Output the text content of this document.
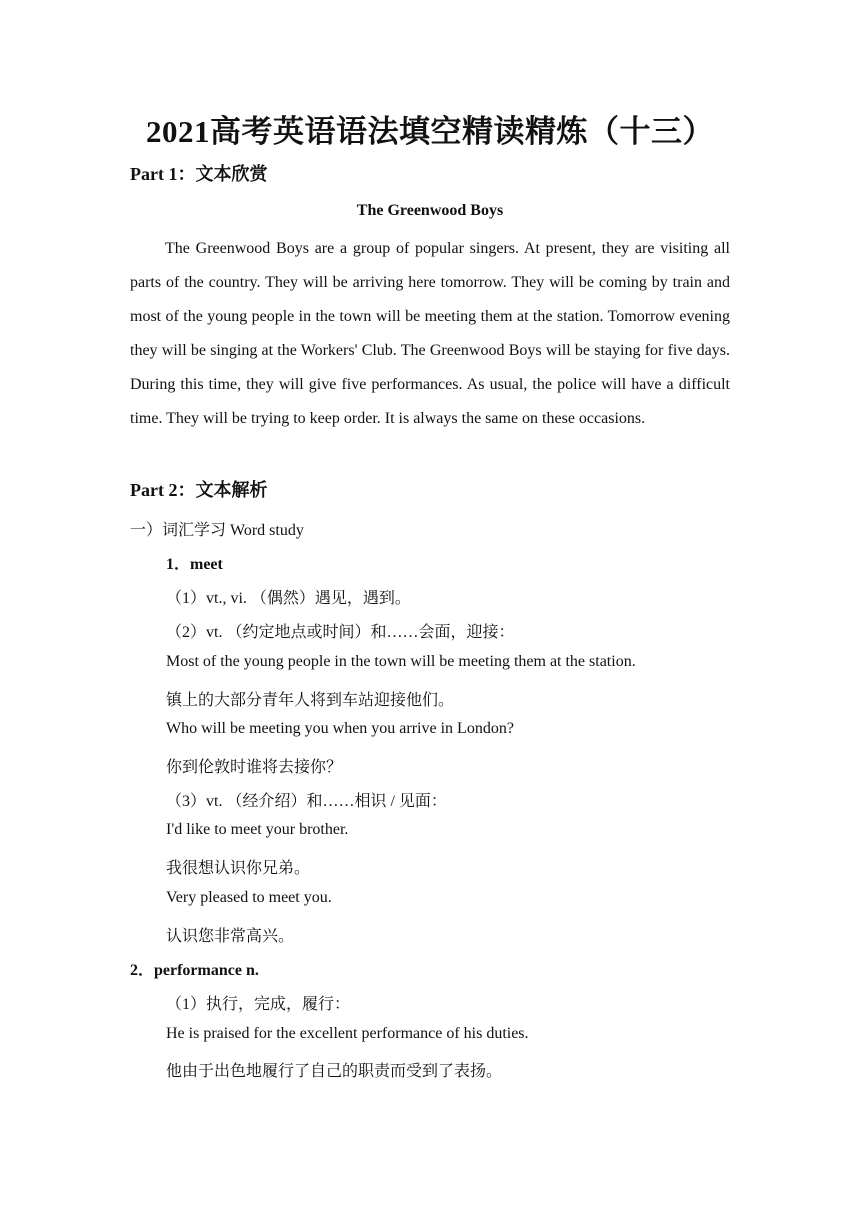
2021高考英语语法填空精读精炼（十三）
Part 1：文本欣赏
The Greenwood Boys
The Greenwood Boys are a group of popular singers. At present, they are visiting all parts of the country. They will be arriving here tomorrow. They will be coming by train and most of the young people in the town will be meeting them at the station. Tomorrow evening they will be singing at the Workers' Club. The Greenwood Boys will be staying for five days. During this time, they will give five performances. As usual, the police will have a difficult time. They will be trying to keep order. It is always the same on these occasions.
Part 2：文本解析
一）词汇学习 Word study
1．meet
（1）vt., vi. （偶然）遇见，遇到。
（2）vt. （约定地点或时间）和……会面，迎接：
Most of the young people in the town will be meeting them at the station.
镇上的大部分青年人将到车站迎接他们。
Who will be meeting you when you arrive in London?
你到伦敦时谁将去接你？
（3）vt. （经介绍）和……相识 / 见面：
I'd like to meet your brother.
我很想认识你兄弟。
Very pleased to meet you.
认识您非常高兴。
2．performance n.
（1）执行，完成，履行：
He is praised for the excellent performance of his duties.
他由于出色地履行了自己的职责而受到了表扬。
